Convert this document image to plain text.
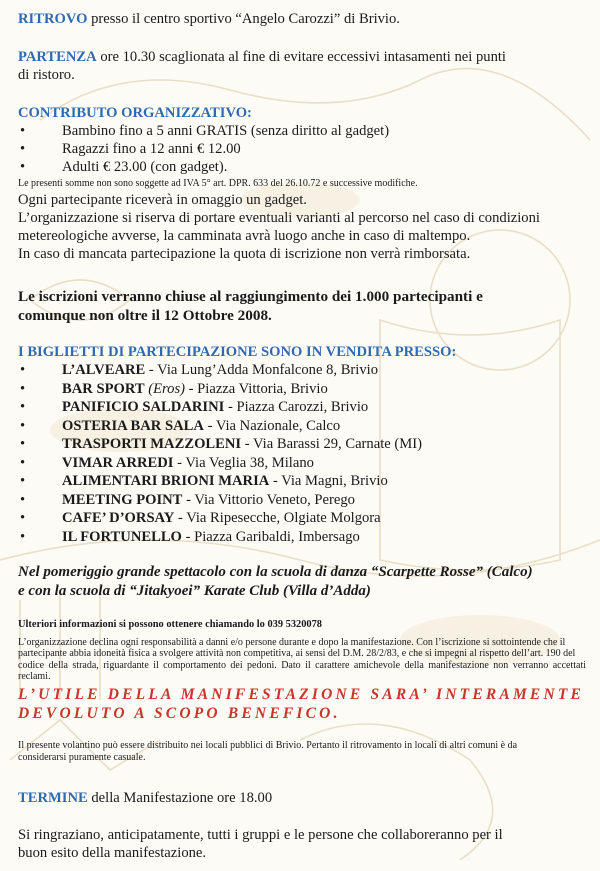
RITROVO presso il centro sportivo “Angelo Carozzi” di Brivio.

PARTENZA ore 10.30 scaglionata al fine di evitare eccessivi intasamenti nei punti

di ristoro.

CONTRIBUTO ORGANIZZATIVO:

•	Bambino fino a 5 anni GRATIS (senza diritto al gadget)
•	Ragazzi fino a 12 anni € 12.00
•	Adulti € 23.00 (con gadget).

Le presenti somme non sono soggette ad IVA 5° art. DPR. 633 del 26.10.72 e successive modifiche.

Ogni partecipante riceverà in omaggio un gadget.

L’organizzazione si riserva di portare eventuali varianti al percorso nel caso di condizioni

metereologiche avverse, la camminata avrà luogo anche in caso di maltempo.

In caso di mancata partecipazione la quota di iscrizione non verrà rimborsata.

Le iscrizioni verranno chiuse al raggiungimento dei 1.000 partecipanti e

comunque non oltre il 12 Ottobre 2008.

I BIGLIETTI DI PARTECIPAZIONE SONO IN VENDITA PRESSO:

•	L’ALVEARE - Via Lung’Adda Monfalcone 8, Brivio
•	BAR SPORT (Eros) - Piazza Vittoria, Brivio
•	PANIFICIO SALDARINI - Piazza Carozzi, Brivio
•	OSTERIA BAR SALA - Via Nazionale, Calco
•	TRASPORTI MAZZOLENI - Via Barassi 29, Carnate (MI)
•	VIMAR ARREDI - Via Veglia 38, Milano
•	ALIMENTARI BRIONI MARIA - Via Magni, Brivio
•	MEETING POINT - Via Vittorio Veneto, Perego
•	CAFE’ D’ORSAY - Via Ripesecche, Olgiate Molgora
•	IL FORTUNELLO - Piazza Garibaldi, Imbersago

Nel pomeriggio grande spettacolo con la scuola di danza “Scarpette Rosse” (Calco)

e con la scuola di “Jitakyoei” Karate Club (Villa d’Adda)

Ulteriori informazioni si possono ottenere chiamando lo 039 5320078

L’organizzazione declina ogni responsabilità a danni e/o persone durante e dopo la manifestazione. Con l’iscrizione si sottointende che il

partecipante abbia idoneità fisica a svolgere attività non competitiva, ai sensi del D.M. 28/2/83, e che si impegni al rispetto dell’art. 190 del

codice della strada, riguardante il comportamento dei pedoni. Dato il carattere amichevole della manifestazione non verranno accettati reclami.

L’UTILE DELLA MANIFESTAZIONE SARA’ INTERAMENTE

DEVOLUTO A SCOPO BENEFICO.

Il presente volantino può essere distribuito nei locali pubblici di Brivio. Pertanto il ritrovamento in locali di altri comuni è da

considerarsi puramente casuale.

TERMINE della Manifestazione ore 18.00

Si ringraziano, anticipatamente, tutti i gruppi e le persone che collaboreranno per il

buon esito della manifestazione.
